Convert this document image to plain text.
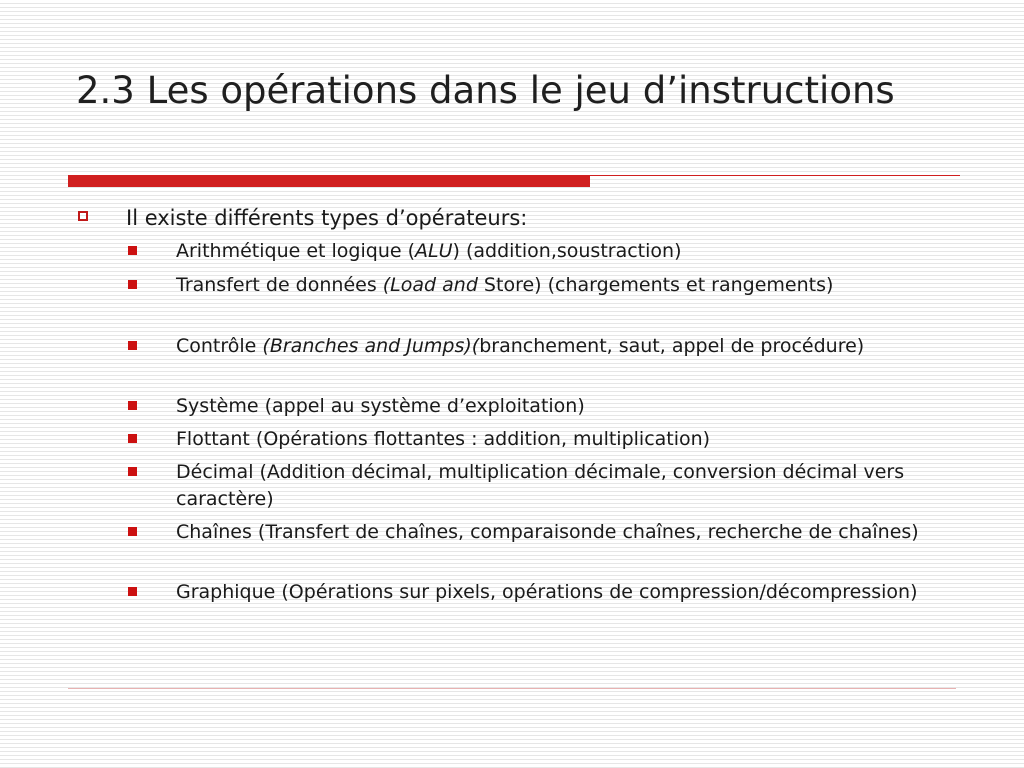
2.3 Les opérations dans le jeu d’instructions
Il existe différents types d’opérateurs:
Arithmétique et logique (ALU) (addition,soustraction)
Transfert de données (Load and Store) (chargements et rangements)
Contrôle (Branches and Jumps)(branchement, saut, appel de procédure)
Système (appel au système d’exploitation)
Flottant (Opérations flottantes : addition, multiplication)
Décimal (Addition décimal, multiplication décimale, conversion décimal vers caractère)
Chaînes (Transfert de chaînes, comparaisonde chaînes, recherche de chaînes)
Graphique (Opérations sur pixels, opérations de compression/décompression)
